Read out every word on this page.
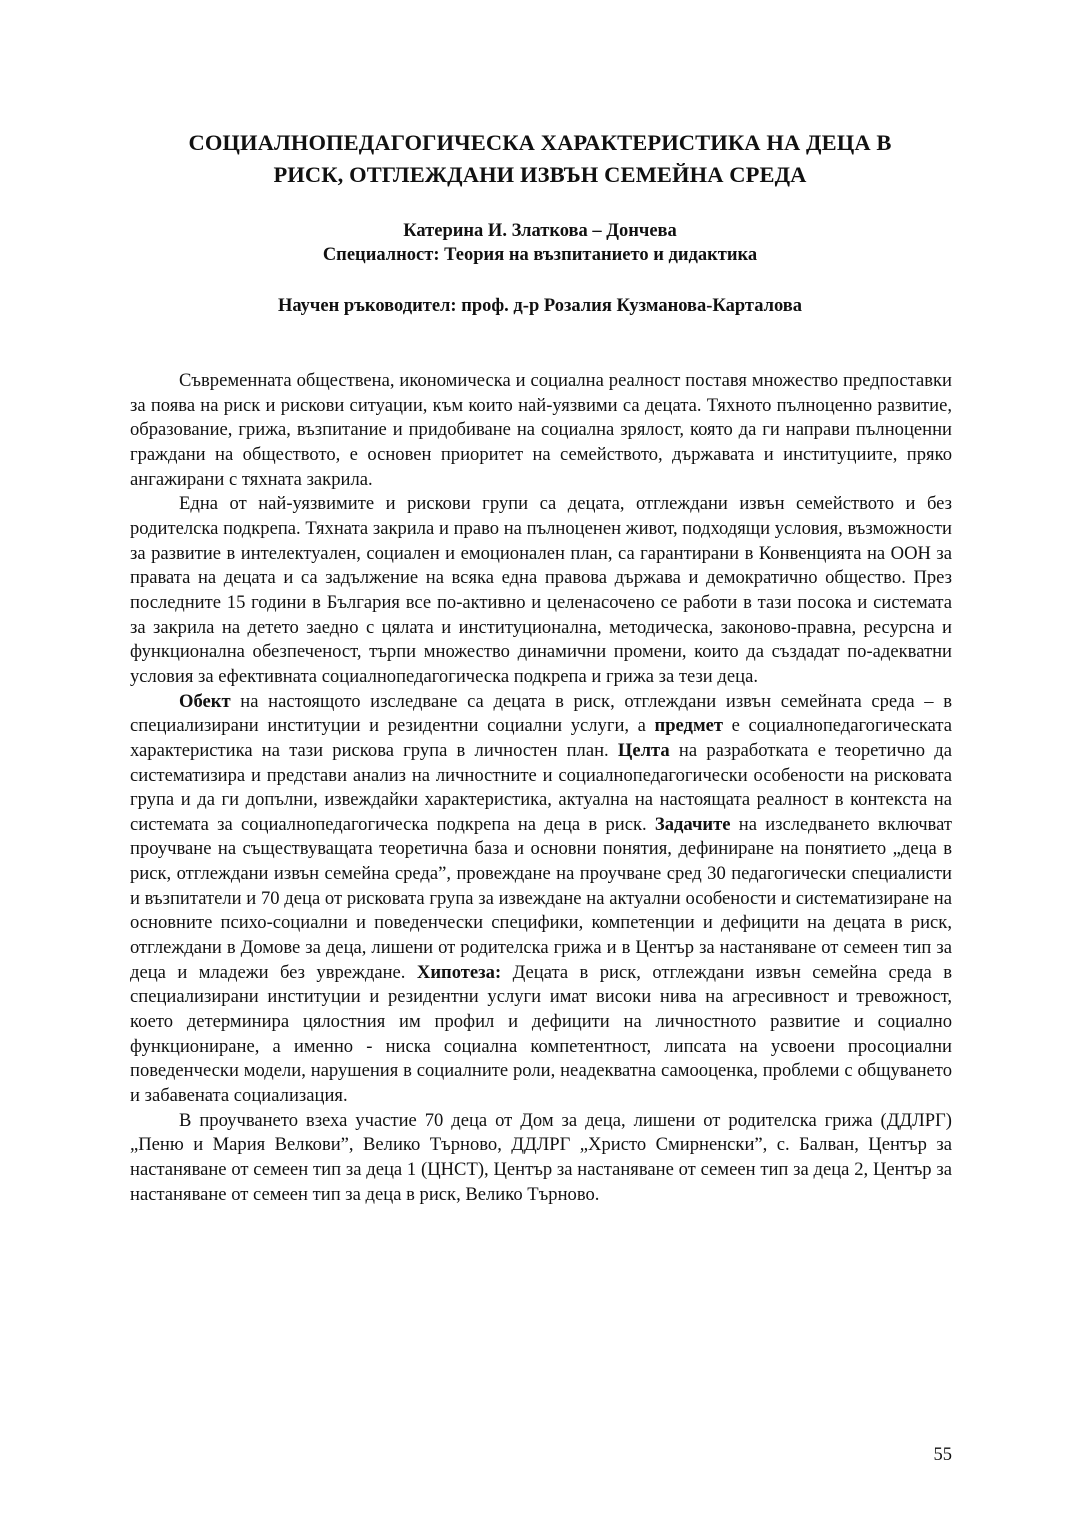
СОЦИАЛНОПЕДАГОГИЧЕСКА ХАРАКТЕРИСТИКА НА ДЕЦА В
РИСК, ОТГЛЕЖДАНИ ИЗВЪН СЕМЕЙНА СРЕДА
Катерина И. Златкова – Дончева
Специалност: Теория на възпитанието и дидактика
Научен ръководител: проф. д-р Розалия Кузманова-Карталова

Съвременната обществена, икономическа и социална реалност поставя множество предпоставки за поява на риск и рискови ситуации, към които най-уязвими са децата. Тяхното пълноценно развитие, образование, грижа, възпитание и придобиване на социална зрялост, която да ги направи пълноценни граждани на обществото, е основен приоритет на семейството, държавата и институциите, пряко ангажирани с тяхната закрила.

Една от най-уязвимите и рискови групи са децата, отглеждани извън семейството и без родителска подкрепа. Тяхната закрила и право на пълноценен живот, подходящи условия, възможности за развитие в интелектуален, социален и емоционален план, са гарантирани в Конвенцията на ООН за правата на децата и са задължение на всяка една правова държава и демократично общество. През последните 15 години в България все по-активно и целенасочено се работи в тази посока и системата за закрила на детето заедно с цялата и институционална, методическа, законово-правна, ресурсна и функционална обезпеченост, търпи множество динамични промени, които да създадат по-адекватни условия за ефективната социалнопедагогическа подкрепа и грижа за тези деца.

Обект на настоящото изследване са децата в риск, отглеждани извън семейната среда – в специализирани институции и резидентни социални услуги, а предмет е социалнопедагогическата характеристика на тази рискова група в личностен план. Целта на разработката е теоретично да систематизира и представи анализ на личностните и социалнопедагогически особености на рисковата група и да ги допълни, извеждайки характеристика, актуална на настоящата реалност в контекста на системата за социалнопедагогическа подкрепа на деца в риск. Задачите на изследването включват проучване на съществуващата теоретична база и основни понятия, дефиниране на понятието „деца в риск, отглеждани извън семейна среда”, провеждане на проучване сред 30 педагогически специалисти и възпитатели и 70 деца от рисковата група за извеждане на актуални особености и систематизиране на основните психо-социални и поведенчески специфики, компетенции и дефицити на децата в риск, отглеждани в Домове за деца, лишени от родителска грижа и в Център за настаняване от семеен тип за деца и младежи без увреждане. Хипотеза: Децата в риск, отглеждани извън семейна среда в специализирани институции и резидентни услуги имат високи нива на агресивност и тревожност, което детерминира цялостния им профил и дефицити на личностното развитие и социално функциониране, а именно - ниска социална компетентност, липсата на усвоени просоциални поведенчески модели, нарушения в социалните роли, неадекватна самооценка, проблеми с общуването и забавената социализация.

В проучването взеха участие 70 деца от Дом за деца, лишени от родителска грижа (ДДЛРГ) „Пеню и Мария Велкови”, Велико Търново, ДДЛРГ „Христо Смирненски”, с. Балван, Център за настаняване от семеен тип за деца 1 (ЦНСТ), Център за настаняване от семеен тип за деца 2, Център за настаняване от семеен тип за деца в риск, Велико Търново.

55
